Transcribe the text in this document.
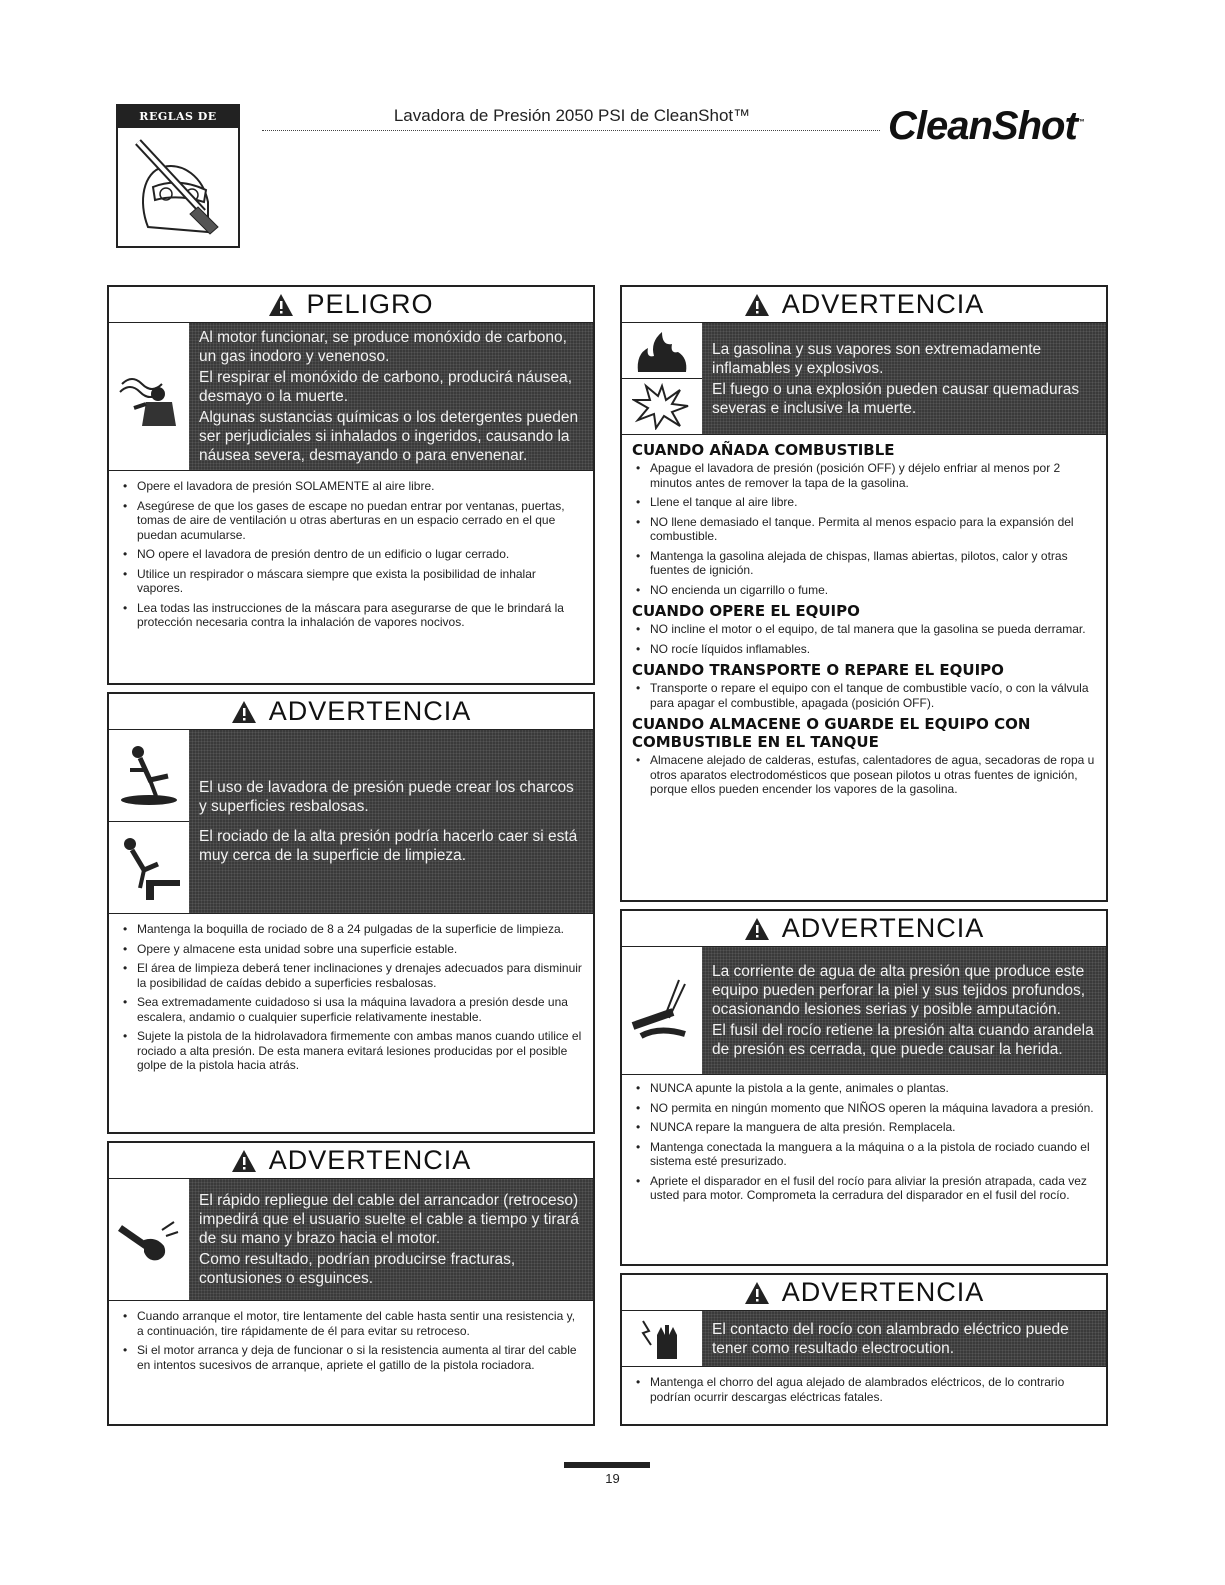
REGLAS DE SEGURIDAD
Lavadora de Presión 2050 PSI de CleanShot™	CleanShot™
PELIGRO

Al motor funcionar, se produce monóxido de carbono, un gas inodoro y venenoso.

El respirar el monóxido de carbono, producirá náusea, desmayo o la muerte.

Algunas sustancias químicas o los detergentes pueden ser perjudiciales si inhalados o ingeridos, causando la náusea severa, desmayando o para envenenar.

• Opere el lavadora de presión SOLAMENTE al aire libre.
• Asegúrese de que los gases de escape no puedan entrar por ventanas, puertas, tomas de aire de ventilación u otras aberturas en un espacio cerrado en el que puedan acumularse.
• NO opere el lavadora de presión dentro de un edificio o lugar cerrado.
• Utilice un respirador o máscara siempre que exista la posibilidad de inhalar vapores.
• Lea todas las instrucciones de la máscara para asegurarse de que le brindará la protección necesaria contra la inhalación de vapores nocivos.
ADVERTENCIA

El uso de lavadora de presión puede crear los charcos y superficies resbalosas.

El rociado de la alta presión podría hacerlo caer si está muy cerca de la superficie de limpieza.

• Mantenga la boquilla de rociado de 8 a 24 pulgadas de la superficie de limpieza.
• Opere y almacene esta unidad sobre una superficie estable.
• El área de limpieza deberá tener inclinaciones y drenajes adecuados para disminuir la posibilidad de caídas debido a superficies resbalosas.
• Sea extremadamente cuidadoso si usa la máquina lavadora a presión desde una escalera, andamio o cualquier superficie relativamente inestable.
• Sujete la pistola de la hidrolavadora firmemente con ambas manos cuando utilice el rociado a alta presión. De esta manera evitará lesiones producidas por el posible golpe de la pistola hacia atrás.
ADVERTENCIA

El rápido repliegue del cable del arrancador (retroceso) impedirá que el usuario suelte el cable a tiempo y tirará de su mano y brazo hacia el motor.

Como resultado, podrían producirse fracturas, contusiones o esguinces.

• Cuando arranque el motor, tire lentamente del cable hasta sentir una resistencia y, a continuación, tire rápidamente de él para evitar su retroceso.
• Si el motor arranca y deja de funcionar o si la resistencia aumenta al tirar del cable en intentos sucesivos de arranque, apriete el gatillo de la pistola rociadora.
ADVERTENCIA

La gasolina y sus vapores son extremadamente inflamables y explosivos.

El fuego o una explosión pueden causar quemaduras severas e inclusive la muerte.

CUANDO AÑADA COMBUSTIBLE
• Apague el lavadora de presión (posición OFF) y déjelo enfriar al menos por 2 minutos antes de remover la tapa de la gasolina.
• Llene el tanque al aire libre.
• NO llene demasiado el tanque. Permita al menos espacio para la expansión del combustible.
• Mantenga la gasolina alejada de chispas, llamas abiertas, pilotos, calor y otras fuentes de ignición.
• NO encienda un cigarrillo o fume.
CUANDO OPERE EL EQUIPO
• NO incline el motor o el equipo, de tal manera que la gasolina se pueda derramar.
• NO rocíe líquidos inflamables.
CUANDO TRANSPORTE O REPARE EL EQUIPO
• Transporte o repare el equipo con el tanque de combustible vacío, o con la válvula para apagar el combustible, apagada (posición OFF).
CUANDO ALMACENE O GUARDE EL EQUIPO CON COMBUSTIBLE EN EL TANQUE
• Almacene alejado de calderas, estufas, calentadores de agua, secadoras de ropa u otros aparatos electrodomésticos que posean pilotos u otras fuentes de ignición, porque ellos pueden encender los vapores de la gasolina.
ADVERTENCIA

La corriente de agua de alta presión que produce este equipo pueden perforar la piel y sus tejidos profundos, ocasionando lesiones serias y posible amputación.

El fusil del rocío retiene la presión alta cuando arandela de presión es cerrada, que puede causar la herida.

• NUNCA apunte la pistola a la gente, animales o plantas.
• NO permita en ningún momento que NIÑOS operen la máquina lavadora a presión.
• NUNCA repare la manguera de alta presión. Remplacela.
• Mantenga conectada la manguera a la máquina o a la pistola de rociado cuando el sistema esté presurizado.
• Apriete el disparador en el fusil del rocío para aliviar la presión atrapada, cada vez usted para motor. Comprometa la cerradura del disparador en el fusil del rocío.
ADVERTENCIA

El contacto del rocío con alambrado eléctrico puede tener como resultado electrocution.

• Mantenga el chorro del agua alejado de alambrados eléctricos, de lo contrario podrían ocurrir descargas eléctricas fatales.
19
